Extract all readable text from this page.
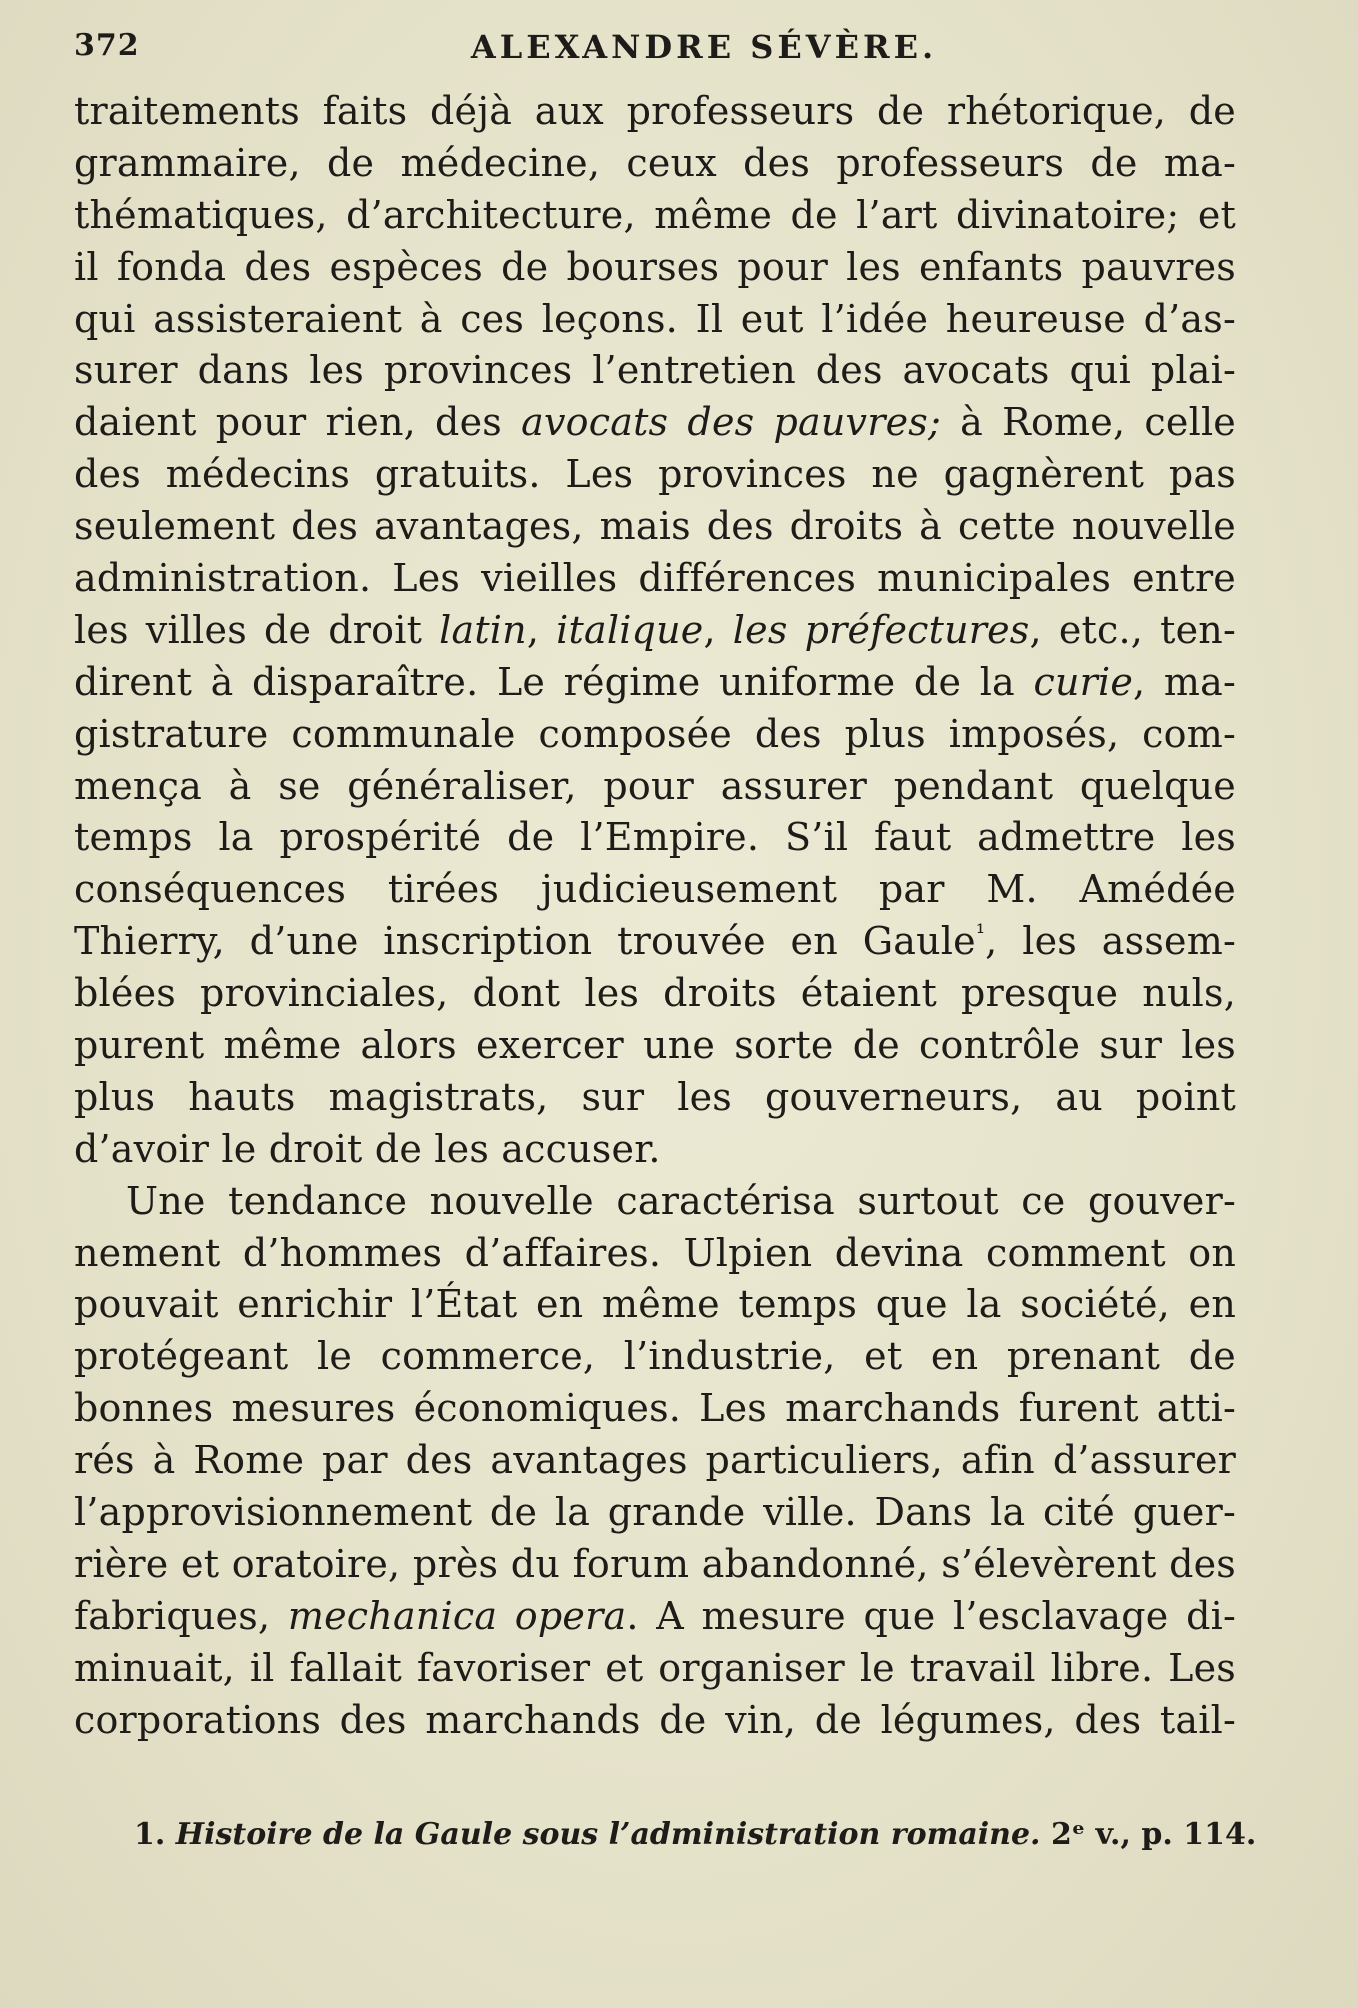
372	ALEXANDRE SÉVÈRE.
traitements faits déjà aux professeurs de rhétorique, de
grammaire, de médecine, ceux des professeurs de ma-
thématiques, d’architecture, même de l’art divinatoire; et
il fonda des espèces de bourses pour les enfants pauvres
qui assisteraient à ces leçons. Il eut l’idée heureuse d’as-
surer dans les provinces l’entretien des avocats qui plai-
daient pour rien, des avocats des pauvres; à Rome, celle
des médecins gratuits. Les provinces ne gagnèrent pas
seulement des avantages, mais des droits à cette nouvelle
administration. Les vieilles différences municipales entre
les villes de droit latin, italique, les préfectures, etc., ten-
dirent à disparaître. Le régime uniforme de la curie, ma-
gistrature communale composée des plus imposés, com-
mença à se généraliser, pour assurer pendant quelque
temps la prospérité de l’Empire. S’il faut admettre les
conséquences tirées judicieusement par M. Amédée
Thierry, d’une inscription trouvée en Gaule$^{^1}$, les assem-
blées provinciales, dont les droits étaient presque nuls,
purent même alors exercer une sorte de contrôle sur les
plus hauts magistrats, sur les gouverneurs, au point
d’avoir le droit de les accuser.
Une tendance nouvelle caractérisa surtout ce gouver-
nement d’hommes d’affaires. Ulpien devina comment on
pouvait enrichir l’État en même temps que la société, en
protégeant le commerce, l’industrie, et en prenant de
bonnes mesures économiques. Les marchands furent atti-
rés à Rome par des avantages particuliers, afin d’assurer
l’approvisionnement de la grande ville. Dans la cité guer-
rière et oratoire, près du forum abandonné, s’élevèrent des
fabriques, mechanica opera. A mesure que l’esclavage di-
minuait, il fallait favoriser et organiser le travail libre. Les
corporations des marchands de vin, de légumes, des tail-
1. Histoire de la Gaule sous l’administration romaine. 2ᵉ v., p. 114.
